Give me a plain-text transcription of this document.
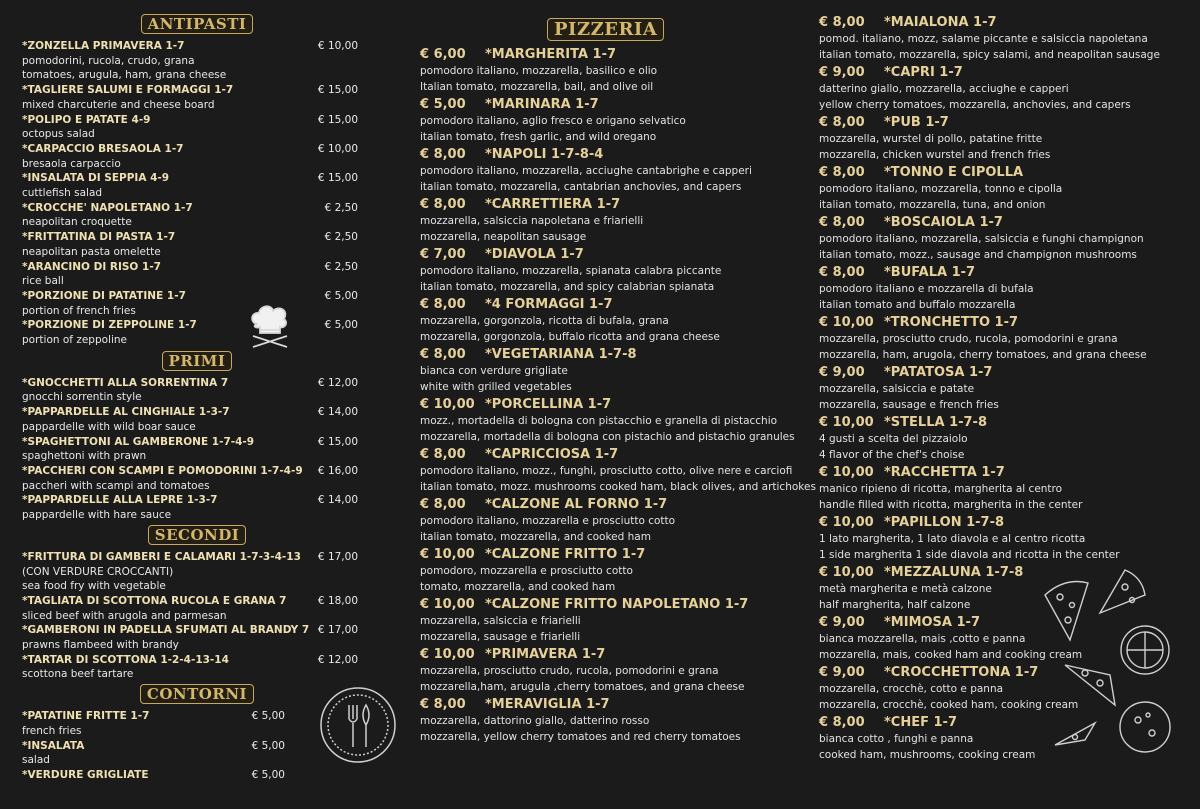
ANTIPASTI
*ZONZELLA PRIMAVERA 1-7	€ 10,00
pomodorini, rucola, crudo, grana
tomatoes, arugula, ham, grana cheese
*TAGLIERE SALUMI E FORMAGGI 1-7	€ 15,00
mixed charcuterie and cheese board
*POLIPO E PATATE 4-9	€ 15,00
octopus salad
*CARPACCIO BRESAOLA 1-7	€ 10,00
bresaola carpaccio
*INSALATA DI SEPPIA 4-9	€ 15,00
cuttlefish salad
*CROCCHE' NAPOLETANO 1-7	€ 2,50
neapolitan croquette
*FRITTATINA DI PASTA 1-7	€ 2,50
neapolitan pasta omelette
*ARANCINO DI RISO 1-7	€ 2,50
rice ball
*PORZIONE DI PATATINE 1-7	€ 5,00
portion of french fries
*PORZIONE DI ZEPPOLINE 1-7	€ 5,00
portion of zeppoline
PRIMI
*GNOCCHETTI ALLA SORRENTINA 7	€ 12,00
gnocchi sorrentin style
*PAPPARDELLE AL CINGHIALE 1-3-7	€ 14,00
pappardelle with wild boar sauce
*SPAGHETTONI AL GAMBERONE 1-7-4-9	€ 15,00
spaghettoni with prawn
*PACCHERI CON SCAMPI E POMODORINI 1-7-4-9	€ 16,00
paccheri with scampi and tomatoes
*PAPPARDELLE ALLA LEPRE 1-3-7	€ 14,00
pappardelle with hare sauce
SECONDI
*FRITTURA DI GAMBERI E CALAMARI 1-7-3-4-13	€ 17,00
(CON VERDURE CROCCANTI)
sea food fry with vegetable
*TAGLIATA DI SCOTTONA RUCOLA E GRANA 7	€ 18,00
sliced beef with arugola and parmesan
*GAMBERONI IN PADELLA SFUMATI AL BRANDY 7 € 17,00
prawns flambeed with brandy
*TARTAR DI SCOTTONA 1-2-4-13-14	€ 12,00
scottona beef tartare
CONTORNI
*PATATINE FRITTE 1-7	€ 5,00
french fries
*INSALATA	€ 5,00
salad
*VERDURE GRIGLIATE	€ 5,00
PIZZERIA
€ 6,00 *MARGHERITA 1-7
pomodoro italiano, mozzarella, basilico e olio
Italian tomato, mozzarella, bail, and olive oil
€ 5,00 *MARINARA 1-7
pomodoro italiano, aglio fresco e origano selvatico
italian tomato, fresh garlic, and wild oregano
€ 8,00 *NAPOLI 1-7-8-4
pomodoro italiano, mozzarella, acciughe cantabrighe e capperi
italian tomato, mozzarella, cantabrian anchovies, and capers
€ 8,00 *CARRETTIERA 1-7
mozzarella, salsiccia napoletana e friarielli
mozzarella, neapolitan sausage
€ 7,00 *DIAVOLA 1-7
pomodoro italiano, mozzarella, spianata calabra piccante
italian tomato, mozzarella, and spicy calabrian spianata
€ 8,00 *4 FORMAGGI 1-7
mozzarella, gorgonzola, ricotta di bufala, grana
mozzarella, gorgonzola, buffalo ricotta and grana cheese
€ 8,00 *VEGETARIANA 1-7-8
bianca con verdure grigliate
white with grilled vegetables
€ 10,00 *PORCELLINA 1-7
mozz., mortadella di bologna con pistacchio e granella di pistacchio
mozzarella, mortadella di bologna con pistachio and pistachio granules
€ 8,00 *CAPRICCIOSA 1-7
pomodoro italiano, mozz., funghi, prosciutto cotto, olive nere e carciofi
italian tomato, mozz. mushrooms cooked ham, black olives, and artichokes
€ 8,00 *CALZONE AL FORNO 1-7
pomodoro italiano, mozzarella e prosciutto cotto
italian tomato, mozzarella, and cooked ham
€ 10,00 *CALZONE FRITTO 1-7
pomodoro, mozzarella e prosciutto cotto
tomato, mozzarella, and cooked ham
€ 10,00 *CALZONE FRITTO NAPOLETANO 1-7
mozzarella, salsiccia e friarielli
mozzarella, sausage e friarielli
€ 10,00 *PRIMAVERA 1-7
mozzarella, prosciutto crudo, rucola, pomodorini e grana
mozzarella,ham, arugula ,cherry tomatoes, and grana cheese
€ 8,00 *MERAVIGLIA 1-7
mozzarella, dattorino giallo, datterino rosso
mozzarella, yellow cherry tomatoes and red cherry tomatoes
€ 8,00 *MAIALONA 1-7
pomod. italiano, mozz, salame piccante e salsiccia napoletana
italian tomato, mozzarella, spicy salami, and neapolitan sausage
€ 9,00 *CAPRI 1-7
datterino giallo, mozzarella, acciughe e capperi
yellow cherry tomatoes, mozzarella, anchovies, and capers
€ 8,00 *PUB 1-7
mozzarella, wurstel di pollo, patatine fritte
mozzarella, chicken wurstel and french fries
€ 8,00 *TONNO E CIPOLLA
pomodoro italiano, mozzarella, tonno e cipolla
italian tomato, mozzarella, tuna, and onion
€ 8,00 *BOSCAIOLA 1-7
pomodoro italiano, mozzarella, salsiccia e funghi champignon
italian tomato, mozz., sausage and champignon mushrooms
€ 8,00 *BUFALA 1-7
pomodoro italiano e mozzarella di bufala
italian tomato and buffalo mozzarella
€ 10,00 *TRONCHETTO 1-7
mozzarella, prosciutto crudo, rucola, pomodorini e grana
mozzarella, ham, arugola, cherry tomatoes, and grana cheese
€ 9,00 *PATATOSA 1-7
mozzarella, salsiccia e patate
mozzarella, sausage e french fries
€ 10,00 *STELLA 1-7-8
4 gusti a scelta del pizzaiolo
4 flavor of the chef's choise
€ 10,00 *RACCHETTA 1-7
manico ripieno di ricotta, margherita al centro
handle filled with ricotta, margherita in the center
€ 10,00 *PAPILLON 1-7-8
1 lato margherita, 1 lato diavola e al centro ricotta
1 side margherita 1 side diavola and ricotta in the center
€ 10,00 *MEZZALUNA 1-7-8
metà margherita e metà calzone
half margherita, half calzone
€ 9,00 *MIMOSA 1-7
bianca mozzarella, mais ,cotto e panna
mozzarella, mais, cooked ham and cooking cream
€ 9,00 *CROCCHETTONA 1-7
mozzarella, crocchè, cotto e panna
mozzarella, crocchè, cooked ham, cooking cream
€ 8,00 *CHEF 1-7
bianca cotto , funghi e panna
cooked ham, mushrooms, cooking cream
